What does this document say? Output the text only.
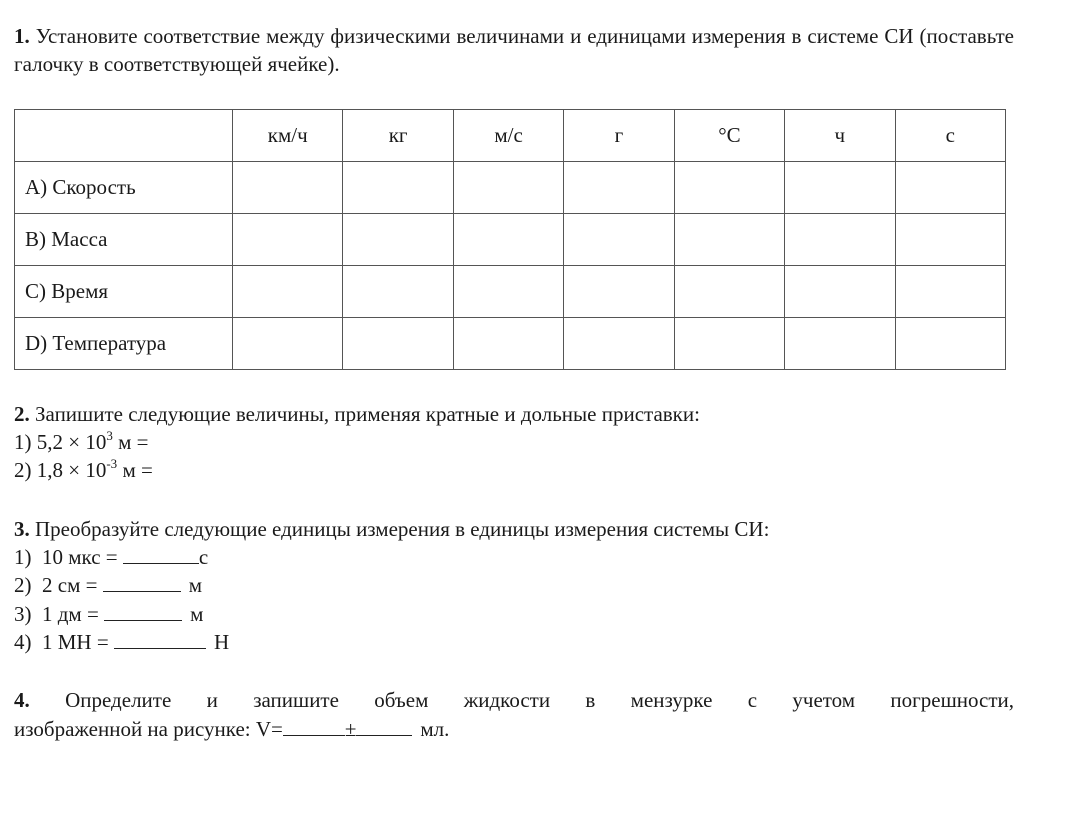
1. Установите соответствие между физическими величинами и единицами измерения в системе СИ (поставьте галочку в соответствующей ячейке).

	км/ч	кг	м/с	г	°С	ч	с
A) Скорость							
B) Масса							
C) Время							
D) Температура							

2. Запишите следующие величины, применяя кратные и дольные приставки:

1) $5,2 \times 10^3$ м =

2) $1,8 \times 10^{-3}$ м =

3. Преобразуйте следующие единицы измерения в единицы измерения системы СИ:

1)  10 мкс =	с

2)  2 см =	м

3)  1 дм =	м

4)  1 МН =	Н

4. Определите и запишите объем жидкости в мензурке с учетом погрешности,

изображенной на рисунке: V=	±	мл.
